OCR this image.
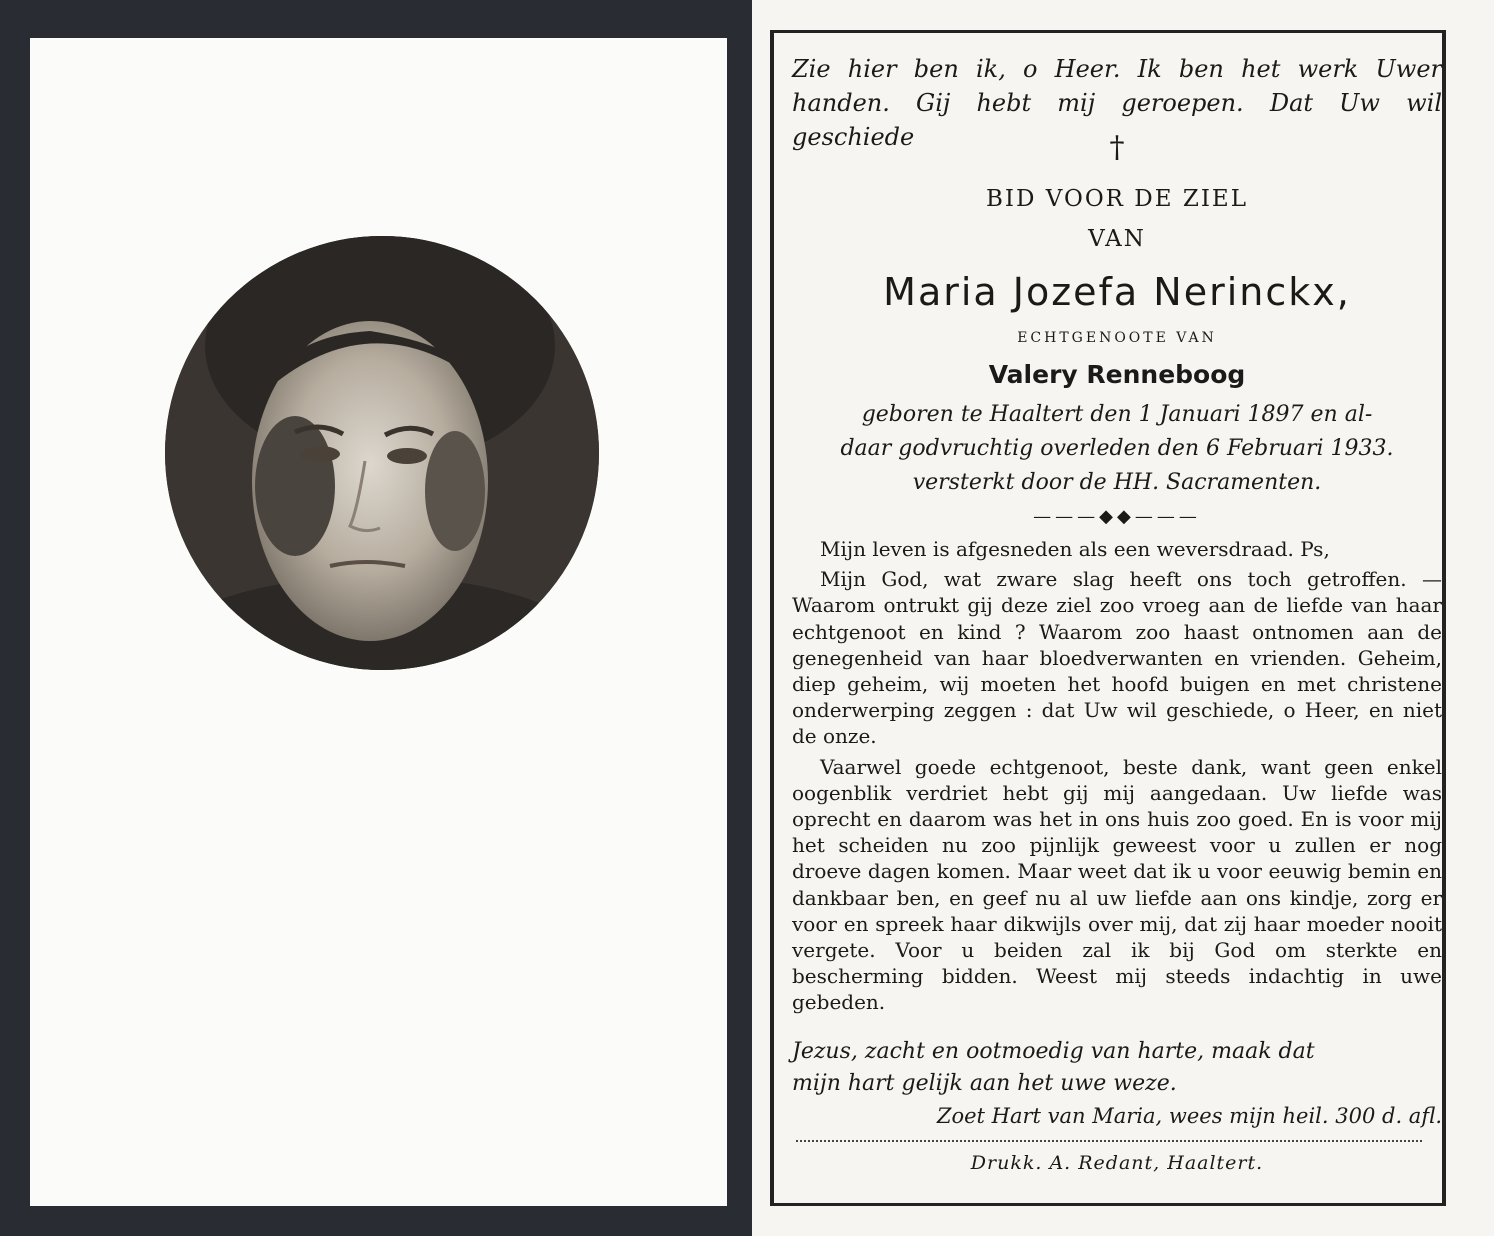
Zie hier ben ik, o Heer. Ik ben het werk Uwer
handen. Gij hebt mij geroepen. Dat Uw wil geschiede	†
BID VOOR DE ZIEL
VAN
Maria Jozefa Nerinckx,
ECHTGENOOTE VAN
Valery Renneboog
geboren te Haaltert den 1 Januari 1897 en al-
daar godvruchtig overleden den 6 Februari 1933.
versterkt door de HH. Sacramenten.
———◆◆———

Mijn leven is afgesneden als een weversdraad. Ps,

Mijn God, wat zware slag heeft ons toch getroffen. — Waarom ontrukt gij deze ziel zoo vroeg aan de liefde van haar echtgenoot en kind ? Waarom zoo haast ontnomen aan de genegenheid van haar bloedverwanten en vrienden. Geheim, diep geheim, wij moeten het hoofd buigen en met christene onderwerping zeggen : dat Uw wil geschiede, o Heer, en niet de onze.

Vaarwel goede echtgenoot, beste dank, want geen enkel oogenblik verdriet hebt gij mij aangedaan. Uw liefde was oprecht en daarom was het in ons huis zoo goed. En is voor mij het scheiden nu zoo pijnlijk geweest voor u zullen er nog droeve dagen komen. Maar weet dat ik u voor eeuwig bemin en dankbaar ben, en geef nu al uw liefde aan ons kindje, zorg er voor en spreek haar dikwijls over mij, dat zij haar moeder nooit vergete. Voor u beiden zal ik bij God om sterkte en bescherming bidden. Weest mij steeds indachtig in uwe gebeden.

Jezus, zacht en ootmoedig van harte, maak dat
mijn hart gelijk aan het uwe weze.
Zoet Hart van Maria, wees mijn heil. 300 d. afl.
Drukk. A. Redant, Haaltert.
